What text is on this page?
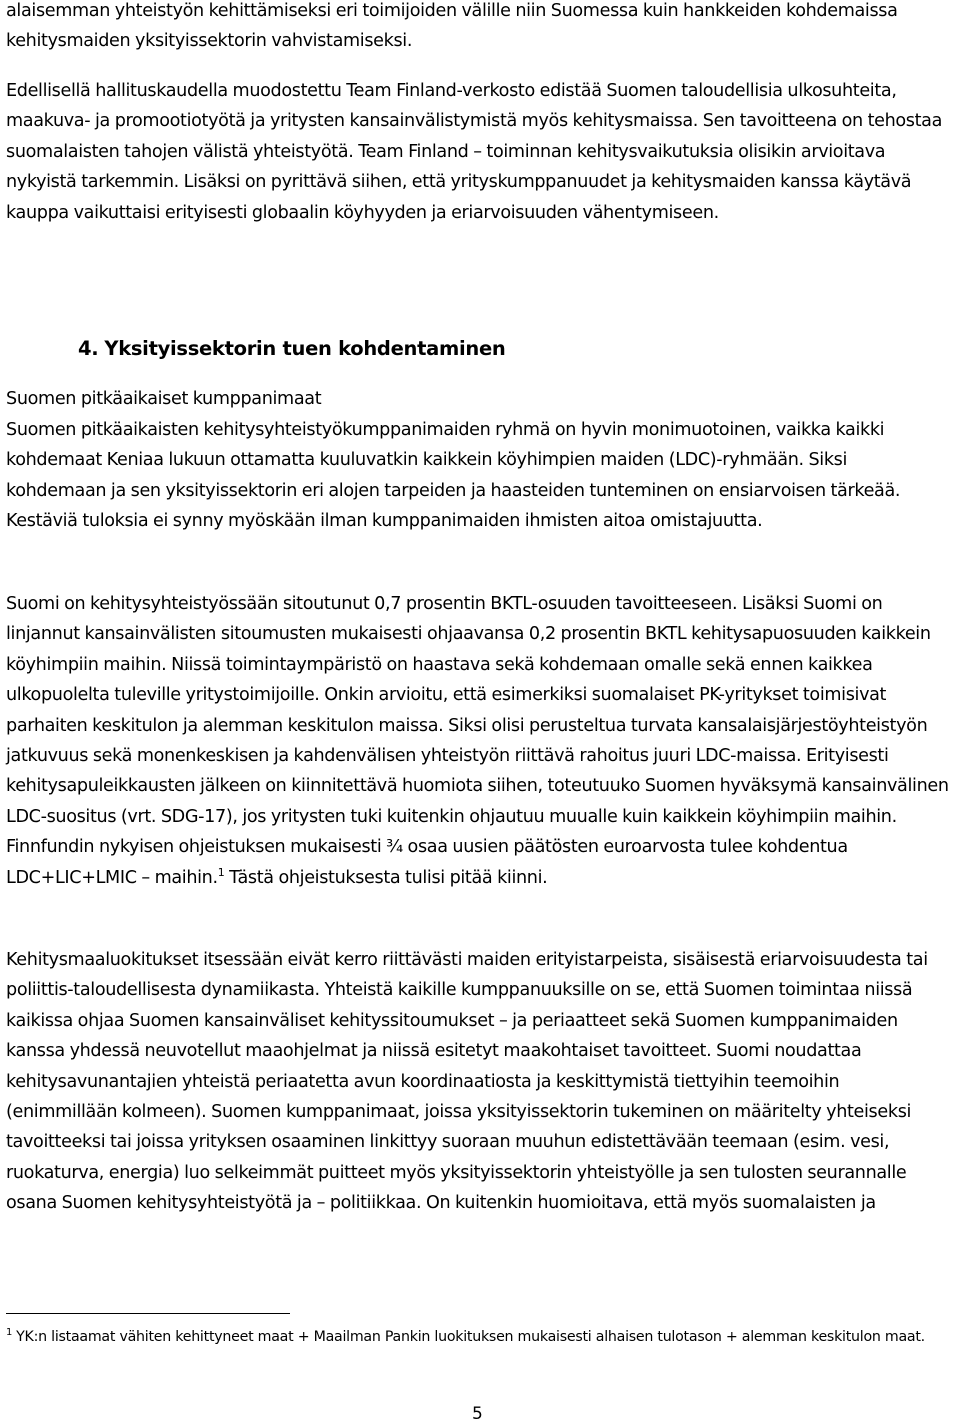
alaisemman yhteistyön kehittämiseksi eri toimijoiden välille niin Suomessa kuin hankkeiden kohdemaissa kehitysmaiden yksityissektorin vahvistamiseksi.

Edellisellä hallituskaudella muodostettu Team Finland-verkosto edistää Suomen taloudellisia ulkosuhteita, maakuva- ja promootiotyötä ja yritysten kansainvälistymistä myös kehitysmaissa. Sen tavoitteena on tehostaa suomalaisten tahojen välistä yhteistyötä. Team Finland – toiminnan kehitysvaikutuksia olisikin arvioitava nykyistä tarkemmin. Lisäksi on pyrittävä siihen, että yrityskumppanuudet ja kehitysmaiden kanssa käytävä kauppa vaikuttaisi erityisesti globaalin köyhyyden ja eriarvoisuuden vähentymiseen.

4. Yksityissektorin tuen kohdentaminen

Suomen pitkäaikaiset kumppanimaat

Suomen pitkäaikaisten kehitysyhteistyökumppanimaiden ryhmä on hyvin monimuotoinen, vaikka kaikki kohdemaat Keniaa lukuun ottamatta kuuluvatkin kaikkein köyhimpien maiden (LDC)-ryhmään. Siksi kohdemaan ja sen yksityissektorin eri alojen tarpeiden ja haasteiden tunteminen on ensiarvoisen tärkeää. Kestäviä tuloksia ei synny myöskään ilman kumppanimaiden ihmisten aitoa omistajuutta.

Suomi on kehitysyhteistyössään sitoutunut 0,7 prosentin BKTL-osuuden tavoitteeseen. Lisäksi Suomi on linjannut kansainvälisten sitoumusten mukaisesti ohjaavansa 0,2 prosentin BKTL kehitysapuosuuden kaikkein köyhimpiin maihin. Niissä toimintaympäristö on haastava sekä kohdemaan omalle sekä ennen kaikkea ulkopuolelta tuleville yritystoimijoille. Onkin arvioitu, että esimerkiksi suomalaiset PK-yritykset toimisivat parhaiten keskitulon ja alemman keskitulon maissa. Siksi olisi perusteltua turvata kansalaisjärjestöyhteistyön jatkuvuus sekä monenkeskisen ja kahdenvälisen yhteistyön riittävä rahoitus juuri LDC-maissa. Erityisesti kehitysapuleikkausten jälkeen on kiinnitettävä huomiota siihen, toteutuuko Suomen hyväksymä kansainvälinen LDC-suositus (vrt. SDG-17), jos yritysten tuki kuitenkin ohjautuu muualle kuin kaikkein köyhimpiin maihin. Finnfundin nykyisen ohjeistuksen mukaisesti ¾ osaa uusien päätösten euroarvosta tulee kohdentua LDC+LIC+LMIC – maihin.$^1$ Tästä ohjeistuksesta tulisi pitää kiinni.

Kehitysmaaluokitukset itsessään eivät kerro riittävästi maiden erityistarpeista, sisäisestä eriarvoisuudesta tai poliittis-taloudellisesta dynamiikasta. Yhteistä kaikille kumppanuuksille on se, että Suomen toimintaa niissä kaikissa ohjaa Suomen kansainväliset kehityssitoumukset – ja periaatteet sekä Suomen kumppanimaiden kanssa yhdessä neuvotellut maaohjelmat ja niissä esitetyt maakohtaiset tavoitteet. Suomi noudattaa kehitysavunantajien yhteistä periaatetta avun koordinaatiosta ja keskittymistä tiettyihin teemoihin (enimmillään kolmeen). Suomen kumppanimaat, joissa yksityissektorin tukeminen on määritelty yhteiseksi tavoitteeksi tai joissa yrityksen osaaminen linkittyy suoraan muuhun edistettävään teemaan (esim. vesi, ruokaturva, energia) luo selkeimmät puitteet myös yksityissektorin yhteistyölle ja sen tulosten seurannalle osana Suomen kehitysyhteistyötä ja – politiikkaa. On kuitenkin huomioitava, että myös suomalaisten ja

$^1$ YK:n listaamat vähiten kehittyneet maat + Maailman Pankin luokituksen mukaisesti alhaisen tulotason + alemman keskitulon maat.

5
